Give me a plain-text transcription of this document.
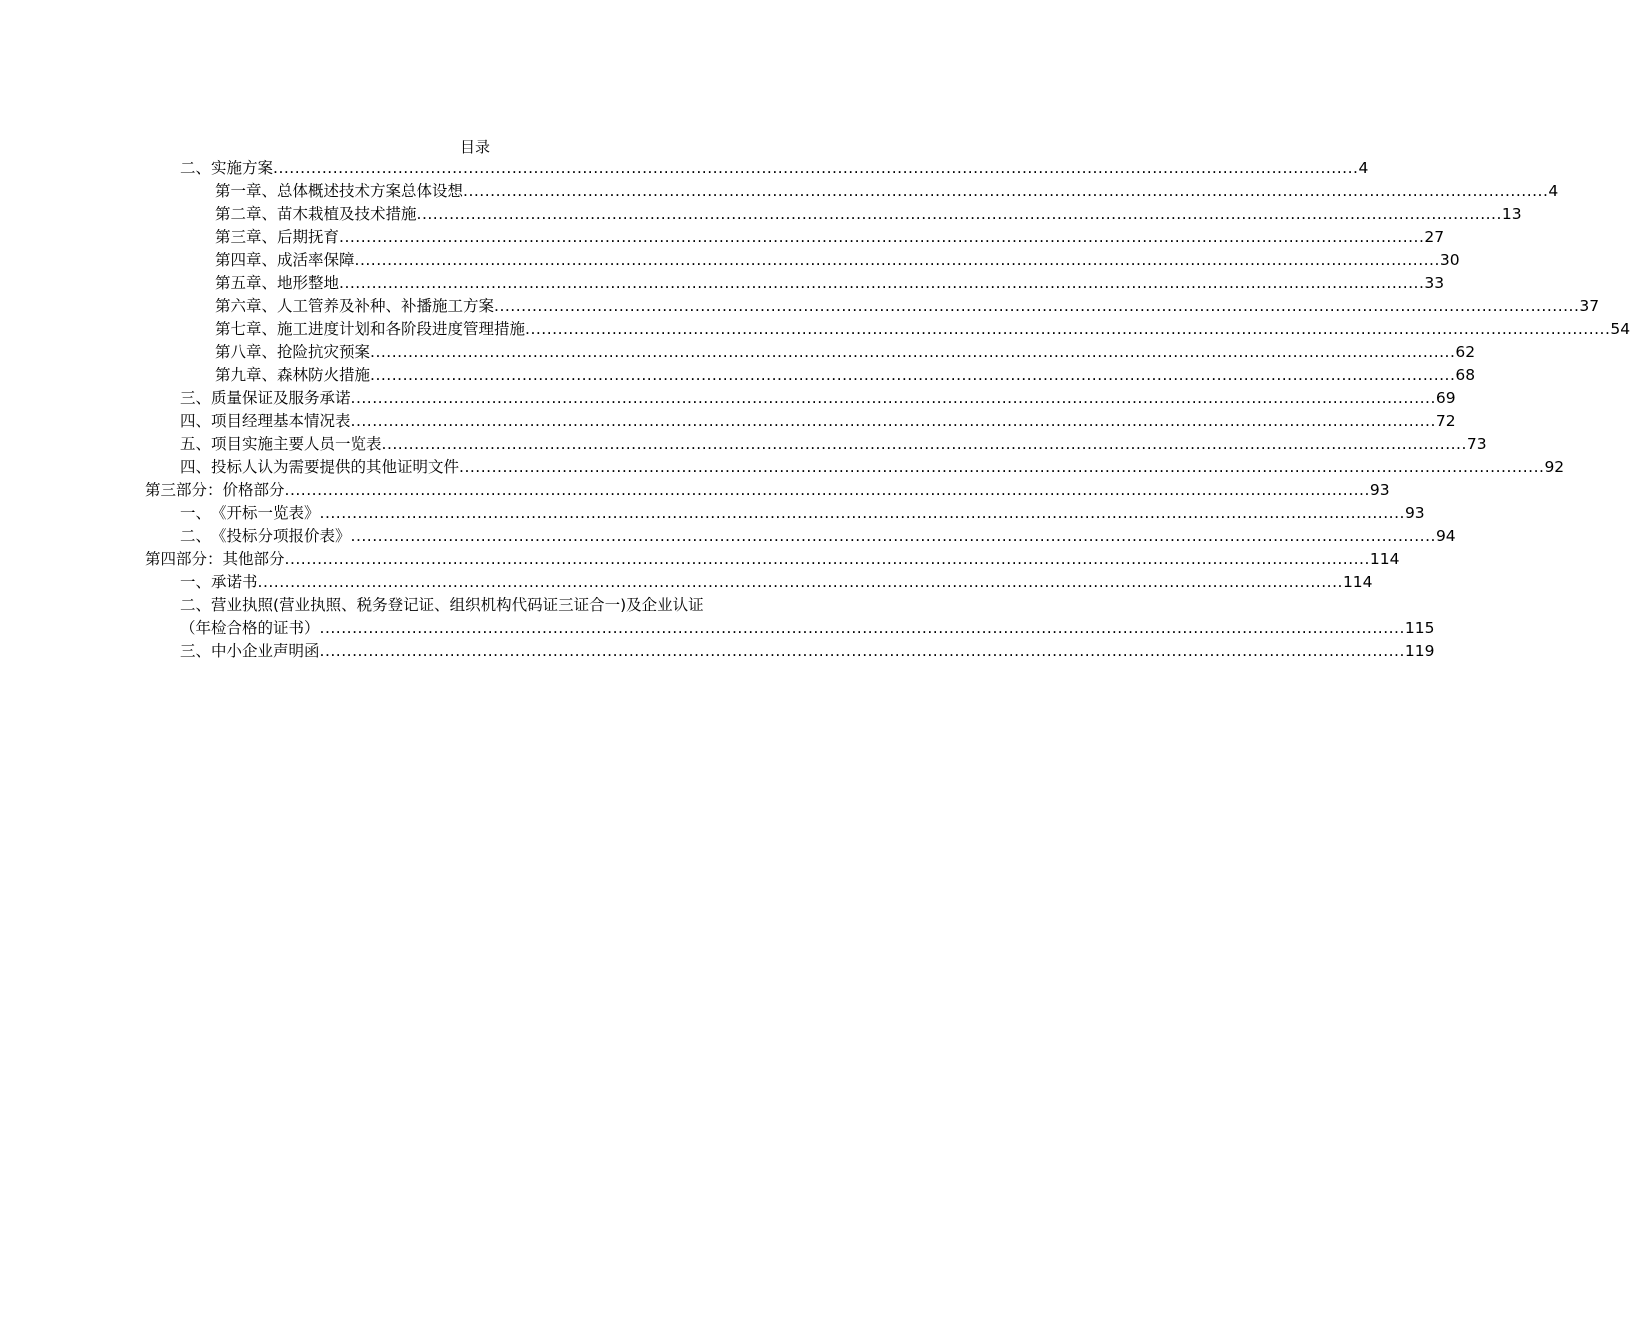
目录
二、 实施方案 ........................................................................................................................................................................................................ 4
第一章、总体概述技术方案总体设想 ........................................................................................................................................................................................................ 4
第二章、苗木栽植及技术措施 ........................................................................................................................................................................................................ 13
第三章、后期抚育 ........................................................................................................................................................................................................ 27
第四章、成活率保障 ........................................................................................................................................................................................................ 30
第五章、地形整地 ........................................................................................................................................................................................................ 33
第六章、人工管养及补种、补播施工方案 ........................................................................................................................................................................................................ 37
第七章、施工进度计划和各阶段进度管理措施 ........................................................................................................................................................................................................ 54
第八章、抢险抗灾预案 ........................................................................................................................................................................................................ 62
第九章、森林防火措施 ........................................................................................................................................................................................................ 68
三、质量保证及服务承诺 ........................................................................................................................................................................................................ 69
四、项目经理基本情况表 ........................................................................................................................................................................................................ 72
五、项目实施主要人员一览表 ........................................................................................................................................................................................................ 73
四、 投标人认为需要提供的其他证明文件 ........................................................................................................................................................................................................ 92
第三部分：价格部分 ........................................................................................................................................................................................................ 93
一、 《开标一览表》 ........................................................................................................................................................................................................ 93
二、 《投标分项报价表》 ........................................................................................................................................................................................................ 94
第四部分：其他部分 ........................................................................................................................................................................................................ 114
一、 承诺书 ........................................................................................................................................................................................................ 114
二、营业执照(营业执照、税务登记证、组织机构代码证三证合一)及企业认证
（年检合格的证书） ........................................................................................................................................................................................................ 115
三、中小企业声明函 ........................................................................................................................................................................................................ 119
